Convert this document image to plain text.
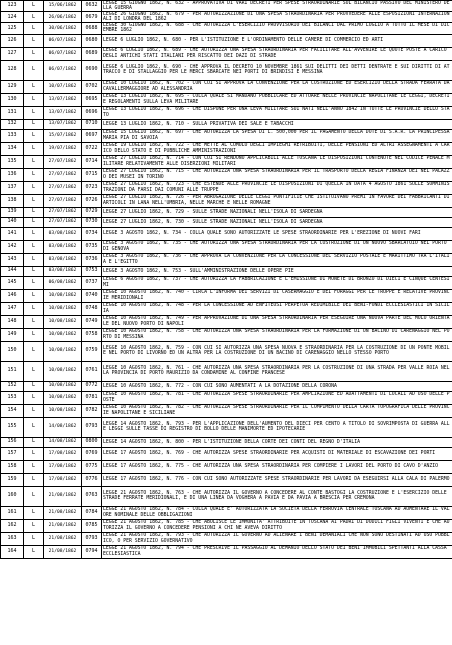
123	L	15/06/1862	0632	LEGGE 15 GIUGNO 1862, N. 632 - APPROVATIVA DI VARI DECRETI PER SPESE STRAORDINARIE SUL BILANCIO PASSIVO DEL MINISTERO DELLA GUERRA
124	L	26/06/1862	0679	LEGGE 26 GIUGNO 1862, N. 679 - PER AUTORIZZAZIONE DI UNA SPESA STRAORDINARIA PER PROVVEDERE ALLE ESPOSIZIONI INTERNAZIONALI DI LONDRA DEL 1862
125	L	30/06/1862	0688	LEGGE 30 GIUGNO 1862, N. 688 - CHE AUTORIZZA L'ESERCIZIO PROVVISORIO DEI BILANCI DAL PRIMO LUGLIO A TUTTO IL MESE DI DICEMBRE 1862
126	L	06/07/1862	0680	LEGGE 6 LUGLIO 1862, N. 680 - PER L'ISTITUZIONE E L'ORDINAMENTO DELLE CAMERE DI COMMERCIO ED ARTI
127	L	06/07/1862	0689	LEGGE 6 LUGLIO 1862, N. 689 - CHE AUTORIZZA UNA SPESA STRAORDINARIA PER FACILITARE ALL'AVVENIRE LE QUOTE POSTE A CARICO DEGLI ANTICHI STATI ITALIANI PER RISCATTO DEI DAZI DI STRADE
128	L	06/07/1862	0690	LEGGE 6 LUGLIO 1862, N. 690 - CHE APPROVA IL DECRETO 10 NOVEMBRE 1861 SUI DELITTI DEI DETTI DENTRATE E SUI DIRITTI DI ATTRACCO E DI STALLAGGIO PER LE MERCI SBARCATE NEI PORTI DI BRINDISI E MESSINA
129	L	10/07/1862	0702	LEGGE 10 LUGLIO 1862, N. 702 - CON CUI SI APPROVA LA CONVENZIONE PER LA COSTRUZIONE ED ESERCIZIO DELLA STRADA FERRATA DA CAVALLERMAGGIORE AD ALESSANDRIA
130	L	13/07/1862	0695	LEGGE 13 LUGLIO 1862, N. 695 - COLLA QUALE SI MANDANO PUBBLICARE ED ATTUARE NELLE PROVINCIE NAPOLITANE LE LEGGI, DECRETI E REGOLAMENTI SULLA LEVA MILITARE
131	L	13/07/1862	0696	LEGGE 13 LUGLIO 1862, N. 696 - CHE DISPONE PER UNA LEVA MILITARE SUI NATI NELL'ANNO 1842 IN TUTTE LE PROVINCIE DELLO STATO
132	L	13/07/1862	0710	LEGGE 13 LUGLIO 1862, N. 710 - SULLA PRIVATIVA DEI SALE E TABACCHI
133	L	15/07/1862	0697	LEGGE 15 LUGLIO 1862, N. 697 - CHE AUTORIZZA LA SPESA DI L. 500,000 PER IL PAGAMENTO DELLA DOTE DI S.A.R. LA PRINCIPESSA MARIA PIA DI SAVOIA
134	L	19/07/1862	0722	LEGGE 19 LUGLIO 1862, N. 722 - CHE METTE AL CUMULO DEGLI IMPIEGHI RETRIBUITI, DELLE PENSIONI ED ALTRI ASSEGNAMENTI A CARICO DELLO STATO E DI PUBBLICHE AMMINISTRAZIONI
135	L	27/07/1862	0714	LEGGE 27 LUGLIO 1862, N. 714 - CON CUI SI RENDONO APPLICABILI ALLE TOSCANA LE DISPOSIZIONI CONTENUTE NEL CODICE PENALE MILITARE RELATIVAMENTE ALLE DISERZIONI MILITARI
136	L	27/07/1862	0715	LEGGE 27 LUGLIO 1862, N. 715 - CHE AUTORIZZA UNA SPESA STRAORDINARIA PER IL TRASPORTO DELLA REGIA FINANZA DEI NEL PALAZZO DEI MUSEI IN TORINO
137	L	27/07/1862	0723	LEGGE 27 LUGLIO 1862, N. 723 - CHE ESTENDE ALLE PROVINCIE LE DISPOSIZIONI DI QUELLA IN DATA 4 AGOSTO 1861 SULLE SOMMINISTRAZIONI DA FARSI DAI COMUNI ALLE TRUPPE
138	L	27/07/1862	0726	LEGGE 27 LUGLIO 1862, N. 726 - PER ABROGAZIONE DELLE LEGGI PONTIFICIE CHE ISTITUIVANO PREMI IN FAVORE DEI FABBRICANTI DI ARTICOLI IN LANA NELL'UMBRIA, NELLE MARCHE E NELLE ROMAGNE
139	L	27/07/1862	0729	LEGGE 27 LUGLIO 1862, N. 729 - SULLE STRADE NAZIONALI NELL'ISOLA DI SARDEGNA
140	L	27/07/1862	0730	LEGGE 27 LUGLIO 1862, N. 730 - SULLE STRADE NAZIONALI NELL'ISOLA DI SARDEGNA
141	L	03/08/1862	0734	LEGGE 3 AGOSTO 1862, N. 734 - COLLA QUALE SONO AUTORIZZATE LE SPESE STRAORDINARIE PER L'EREZIONE DI NUOVI FARI
142	L	03/08/1862	0735	LEGGE 3 AGOSTO 1862, N. 735 - CHE AUTORIZZA UNA SPESA STRAORDINARIA PER LA COSTRUZIONE DI UN NUOVO SBARCATOIO NEL PORTO DI GENOVA
143	L	03/08/1862	0736	LEGGE 3 AGOSTO 1862, N. 736 - CHE APPROVA LA CONVENZIONE PER LA CONCESSIONE DEL SERVIZIO POSTALE E MARITTIMO TRA L'ITALIA E L'EGITTO
144	L	03/08/1862	0753	LEGGE 3 AGOSTO 1862, N. 753 - SULL'AMMINISTRAZIONE DELLE OPERE PIE
145	L	06/08/1862	0737	LEGGE 6 AGOSTO 1862, N. 737 - CHE AUTORIZZA LA FABBRICAZIONE E L'EMISSIONE DI MONETE DI BRONZO DI DIECI E CINQUE CENTESIMI
146	L	10/08/1862	0740	LEGGE 10 AGOSTO 1862, N. 740 - CIRCA L'INFORMA DEI SERVIZI DI CASERMAGGIO E DEI FORAGGI PER LE TRUPPE E RELATIVE PROVINCIE MERIDIONALI
147	L	10/08/1862	0748	LEGGE 10 AGOSTO 1862, N. 748 - PER LA CONCESSIONE AD ENFITEUSI PERPETUA REDIMIBILE DEI BENI-FONDI ECCLESIASTICI IN SICILIA
148	L	10/08/1862	0749	LEGGE 10 AGOSTO 1862, N. 749 - PER APPROVAZIONE DI UNA SPESA STRAORDINARIA PER ESEGUIRE UNA NUOVA PARTE DEL MOLO ORIENTALE DEL NUOVO PORTO DI NAPOLI
149	L	10/08/1862	0758	LEGGE 10 AGOSTO 1862, N. 758 - CHE AUTORIZZA UNA SPESA STRAORDINARIA PER LA FORMAZIONE DI UN BACINO DI CARENAGGIO NEL PORTO DI MESSINA
150	L	10/08/1862	0759	LEGGE 10 AGOSTO 1862, N. 759 - CON CUI SI AUTORIZZA UNA SPESA NUOVA E STRAORDINARIA PER LA COSTRUZIONE DI UN PONTE MOBILE NEL PORTO DI LIVORNO ED UN ALTRA PER LA COSTRUZIONE DI UN BACINO DI CARENAGGIO NELLO STESSO PORTO
151	L	10/08/1862	0761	LEGGE 10 AGOSTO 1862, N. 761 - CHE AUTORIZZA UNA SPESA STRAORDINARIA PER LA COSTRUZIONE DI UNA STRADA PER VALLE ROIA NELLA PROVINCIA DI PORTO MAURIZIO DA CONDAMINE AL CONFINE FRANCESE
152	L	10/08/1862	0772	LEGGE 10 AGOSTO 1862, N. 772 - CON CUI SONO AUMENTATI A LA DOTAZIONE DELLA CORONA
153	L	10/08/1862	0781	LEGGE 10 AGOSTO 1862, N. 781 - CHE AUTORIZZA SPESE STRAORDINARIE PER AMPLIAZIONE ED ADATTAMENTI DI LOCALI AD USO DELLE POSTE
154	L	10/08/1862	0782	LEGGE 10 AGOSTO 1862, N. 782 - CHE AUTORIZZA SPESE STRAORDINARIE PER IL COMPIMENTO DELLA CARTA TOPOGRAFICA DELLE PROVINCIE NAPOLITANE E SICILIANE
155	L	14/08/1862	0793	LEGGE 14 AGOSTO 1862, N. 793 - PER L'APPLICAZIONE DELL'AUMENTO DEL DIECI PER CENTO A TITOLO DI SOVRIMPOSTA DI GUERRA ALLE LEGGI SULLE TASSE DI REGISTRO DI BOLLO DELLE MANIMORTE ED IPOTECARIE
156	L	14/08/1862	0800	LEGGE 14 AGOSTO 1862, N. 800 - PER L'ISTITUZIONE DELLA CORTE DEI CONTI DEL REGNO D'ITALIA
157	L	17/08/1862	0769	LEGGE 17 AGOSTO 1862, N. 769 - CHE AUTORIZZA SPESE STRAORDINARIE PER ACQUISTI DI MATERIALE DI ESCAVAZIONE DEI PORTI
158	L	17/08/1862	0775	LEGGE 17 AGOSTO 1862, N. 775 - CHE AUTORIZZA UNA SPESA STRAORDINARIA PER COMPIERE I LAVORI DEL PORTO DI CAVO D'ANZIO
159	L	17/08/1862	0776	LEGGE 17 AGOSTO 1862, N. 776 - CON CUI SONO AUTORIZZATE SPESE STRAORDINARIE PER LAVORI DA ESEGUIRSI ALLA CALA DI PALERMO
160	L	21/08/1862	0763	LEGGE 21 AGOSTO 1862, N. 763 - CHE AUTORIZZA IL GOVERNO A CONCEDERE AL CONTE BASTOGI LA COSTRUZIONE E L'ESERCIZIO DELLE STRADE FERRATE MERIDIONALI, E DI UNA LINEA DA VOGHERA A PAVIA E DA PAVIA A BRESCIA PER CREMONA
161	L	21/08/1862	0784	LEGGE 21 AGOSTO 1862, N. 784 - COLLA QUALE E' AUTORIZZATA LA SOCIETA DELLA FERROVIA CENTRALE TOSCANA AD AUMENTARE IL VALORE NOMINALE DELLE OBBLIGAZIONI
162	L	21/08/1862	0785	LEGGE 21 AGOSTO 1862, N. 785 - CHE ABOLISCE LE IMMUNITA' ATTRIBUITE IN TOSCANA AI PADRI DI DODICI FIGLI VIVENTI E CHE AUTORIZZA IL GOVERNO A CONCEDERE PENSIONI A CHI NE AVEVA DIRITTO
163	L	21/08/1862	0793	LEGGE 21 AGOSTO 1862, N. 793 - CHE AUTORIZZA IL GOVERNO AD ALIENARE I BENI DEMANIALI CHE NON SONO DESTINATI AD USO PUBBLICO, O PER SERVIZIO GOVERNATIVO
164	L	21/08/1862	0794	LEGGE 21 AGOSTO 1862, N. 794 - CHE PRESCRIVE IL PASSAGGIO AL DEMANIO DELLO STATO DEI BENI IMMOBILI SPETTANTI ALLA CASSA ECCLESIASTICA
